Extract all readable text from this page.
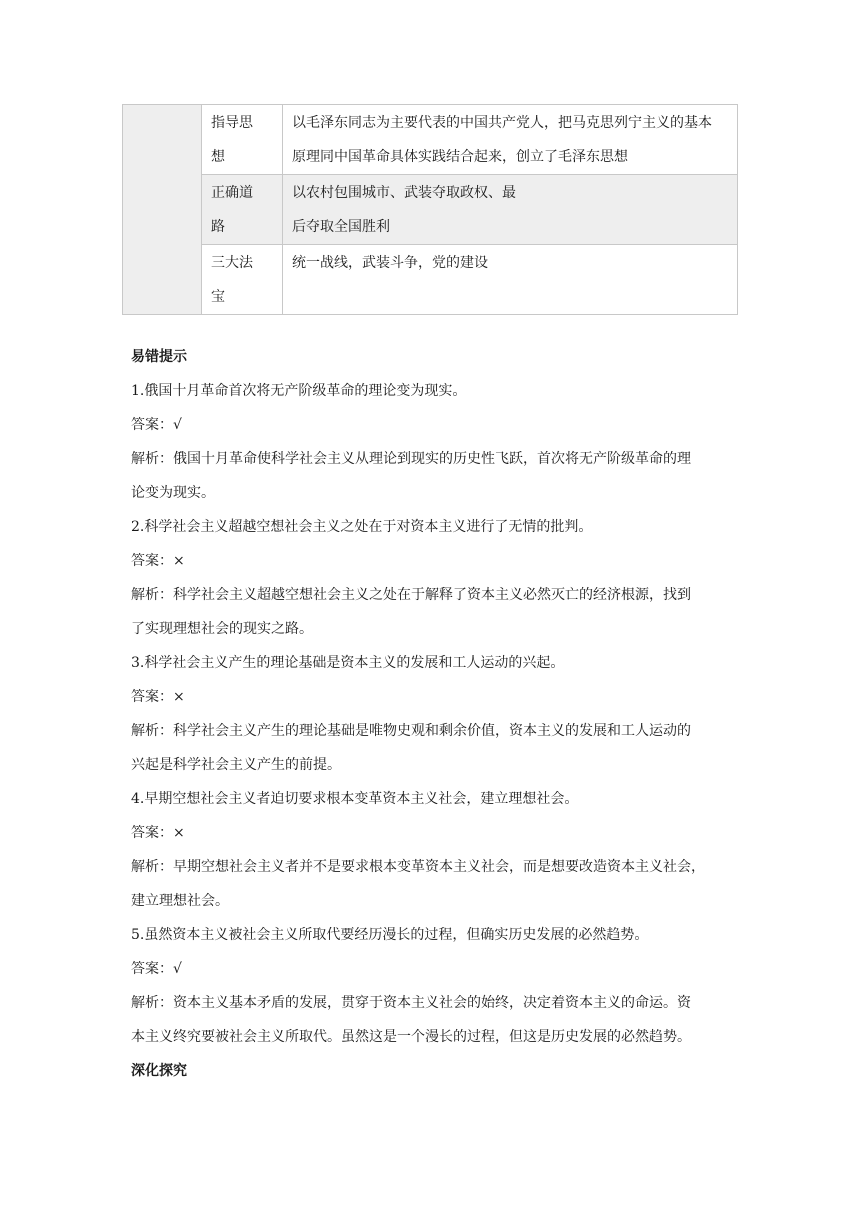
	指导思
想	以毛泽东同志为主要代表的中国共产党人，把马克思列宁主义的基本
原理同中国革命具体实践结合起来，创立了毛泽东思想

	正确道
路	以农村包围城市、武装夺取政权、最
后夺取全国胜利

	三大法
宝	统一战线，武装斗争，党的建设
易错提示
1.俄国十月革命首次将无产阶级革命的理论变为现实。
答案：√
解析：俄国十月革命使科学社会主义从理论到现实的历史性飞跃，首次将无产阶级革命的理
论变为现实。
2.科学社会主义超越空想社会主义之处在于对资本主义进行了无情的批判。
答案：×
解析：科学社会主义超越空想社会主义之处在于解释了资本主义必然灭亡的经济根源，找到
了实现理想社会的现实之路。
3.科学社会主义产生的理论基础是资本主义的发展和工人运动的兴起。
答案：×
解析：科学社会主义产生的理论基础是唯物史观和剩余价值，资本主义的发展和工人运动的
兴起是科学社会主义产生的前提。
4.早期空想社会主义者迫切要求根本变革资本主义社会，建立理想社会。
答案：×
解析：早期空想社会主义者并不是要求根本变革资本主义社会，而是想要改造资本主义社会，
建立理想社会。
5.虽然资本主义被社会主义所取代要经历漫长的过程，但确实历史发展的必然趋势。
答案：√
解析：资本主义基本矛盾的发展，贯穿于资本主义社会的始终，决定着资本主义的命运。资
本主义终究要被社会主义所取代。虽然这是一个漫长的过程，但这是历史发展的必然趋势。
深化探究
